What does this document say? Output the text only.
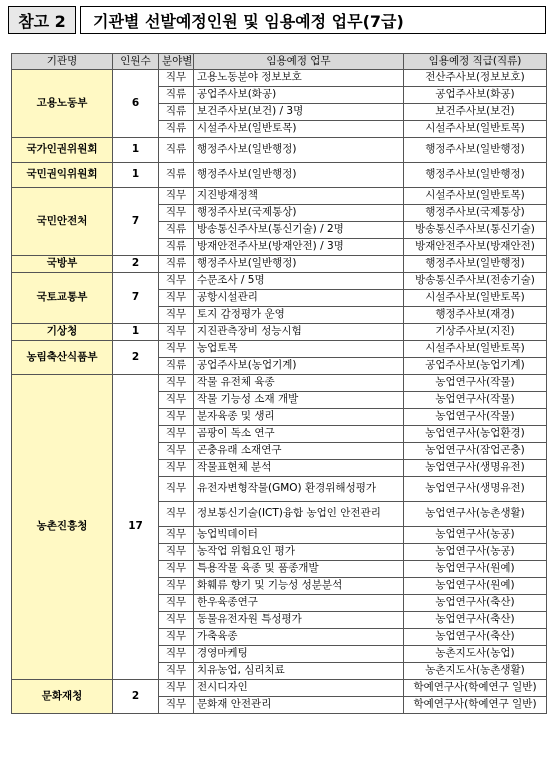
참고 2	기관별 선발예정인원 및 임용예정 업무(7급)
기관명	인원수	분야별	임용예정 업무	임용예정 직급(직류)
고용노동부	6	직무	고용노동분야 정보보호	전산주사보(정보보호)
		직류	공업주사보(화공)	공업주사보(화공)
		직류	보건주사보(보건) / 3명	보건주사보(보건)
		직류	시설주사보(일반토목)	시설주사보(일반토목)
국가인권위원회	1	직류	행정주사보(일반행정)	행정주사보(일반행정)
국민권익위원회	1	직류	행정주사보(일반행정)	행정주사보(일반행정)
국민안전처	7	직무	지진방재정책	시설주사보(일반토목)
		직무	행정주사보(국제통상)	행정주사보(국제통상)
		직류	방송통신주사보(통신기술) / 2명	방송통신주사보(통신기술)
		직류	방재안전주사보(방재안전) / 3명	방재안전주사보(방재안전)
국방부	2	직류	행정주사보(일반행정)	행정주사보(일반행정)
국토교통부	7	직무	수문조사 / 5명	방송통신주사보(전송기술)
		직무	공항시설관리	시설주사보(일반토목)
		직무	토지 감정평가 운영	행정주사보(재경)
기상청	1	직무	지진관측장비 성능시험	기상주사보(지진)
농림축산식품부	2	직무	농업토목	시설주사보(일반토목)
		직류	공업주사보(농업기계)	공업주사보(농업기계)
농촌진흥청	17	직무	작물 유전체 육종	농업연구사(작물)
		직무	작물 기능성 소재 개발	농업연구사(작물)
		직무	분자육종 및 생리	농업연구사(작물)
		직무	곰팡이 독소 연구	농업연구사(농업환경)
		직무	곤충유래 소재연구	농업연구사(잠업곤충)
		직무	작물표현체 분석	농업연구사(생명유전)
		직무	유전자변형작물(GMO) 환경위해성평가	농업연구사(생명유전)
		직무	정보통신기술(ICT)융합 농업인 안전관리	농업연구사(농촌생활)
		직무	농업빅데이터	농업연구사(농공)
		직무	농작업 위험요인 평가	농업연구사(농공)
		직무	특용작물 육종 및 품종개발	농업연구사(원예)
		직무	화훼류 향기 및 기능성 성분분석	농업연구사(원예)
		직무	한우육종연구	농업연구사(축산)
		직무	동물유전자원 특성평가	농업연구사(축산)
		직무	가축육종	농업연구사(축산)
		직무	경영마케팅	농촌지도사(농업)
		직무	치유농업, 심리치료	농촌지도사(농촌생활)
문화재청	2	직무	전시디자인	학예연구사(학예연구 일반)
		직무	문화재 안전관리	학예연구사(학예연구 일반)
